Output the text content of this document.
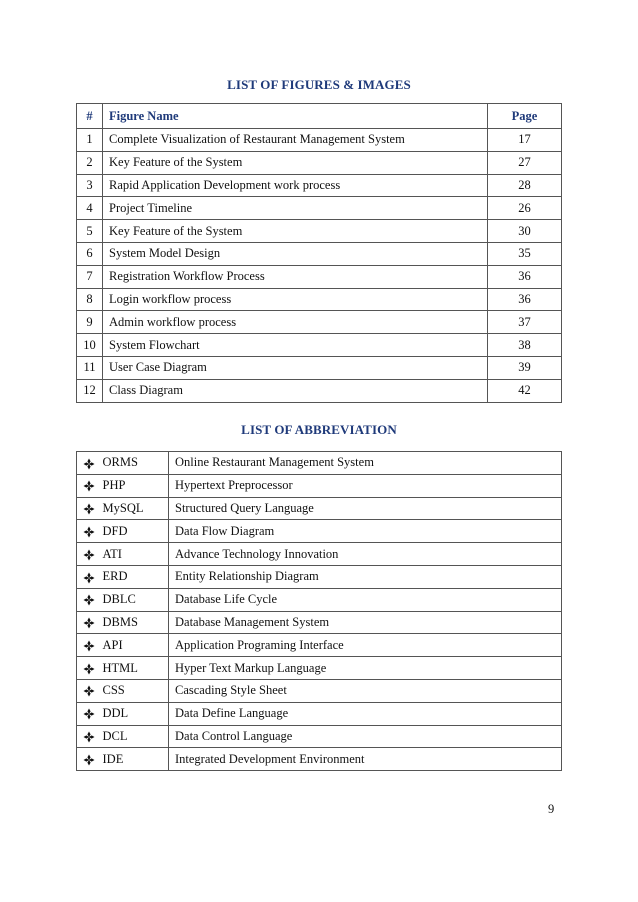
LIST OF FIGURES & IMAGES
#	Figure Name	Page
1	Complete Visualization of Restaurant Management System	17
2	Key Feature of the System	27
3	Rapid Application Development work process	28
4	Project Timeline	26
5	Key Feature of the System	30
6	System Model Design	35
7	Registration Workflow Process	36
8	Login workflow process	36
9	Admin workflow process	37
10	System Flowchart	38
11	User Case Diagram	39
12	Class Diagram	42
LIST OF ABBREVIATION
	ORMS	Online Restaurant Management System
	PHP	Hypertext Preprocessor
	MySQL	Structured Query Language
	DFD	Data Flow Diagram
	ATI	Advance Technology Innovation
	ERD	Entity Relationship Diagram
	DBLC	Database Life Cycle
	DBMS	Database Management System
	API	Application Programing Interface
	HTML	Hyper Text Markup Language
	CSS	Cascading Style Sheet
	DDL	Data Define Language
	DCL	Data Control Language
	IDE	Integrated Development Environment
9
